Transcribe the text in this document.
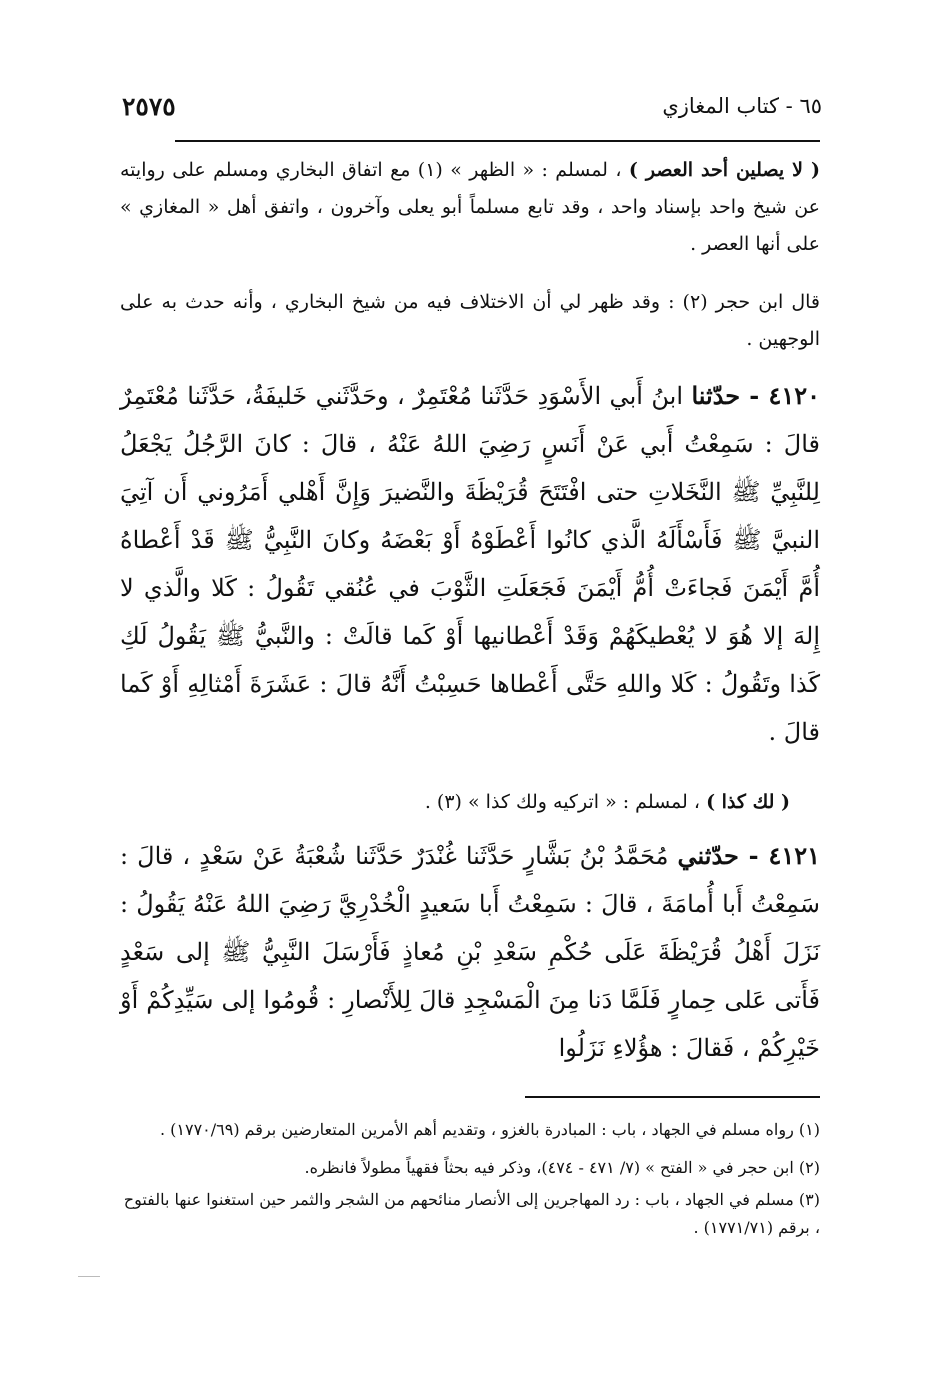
٦٥ - كتاب المغازي
٢٥٧٥
( لا يصلين أحد العصر ) ، لمسلم : « الظهر » (١) مع اتفاق البخاري ومسلم على روايته عن شيخ واحد بإسناد واحد ، وقد تابع مسلماً أبو يعلى وآخرون ، واتفق أهل « المغازي » على أنها العصر .
قال ابن حجر (٢) : وقد ظهر لي أن الاختلاف فيه من شيخ البخاري ، وأنه حدث به على الوجهين .
٤١٢٠ - حدّثنا ابنُ أَبي الأَسْوَدِ حَدَّثَنا مُعْتَمِرٌ ، وحَدَّثَني خَليفَةُ، حَدَّثَنا مُعْتَمِرٌ قالَ : سَمِعْتُ أَبي عَنْ أَنَسٍ رَضِيَ اللهُ عَنْهُ ، قالَ : كانَ الرَّجُلُ يَجْعَلُ لِلنَّبِيِّ ﷺ النَّخَلاتِ حتى افْتَتَحَ قُرَيْظَةَ والنَّضيرَ وَإِنَّ أَهْلي أَمَرُوني أَن آتِيَ النبيَّ ﷺ فَأَسْأَلَهُ الَّذي كانُوا أَعْطَوْهُ أَوْ بَعْضَهُ وكانَ النَّبِيُّ ﷺ قَدْ أَعْطاهُ أُمَّ أَيْمَنَ فَجاءَتْ أُمُّ أَيْمَنَ فَجَعَلَتِ الثَّوْبَ في عُنُقي تَقُولُ : كَلا والَّذي لا إِلهَ إلا هُوَ لا يُعْطيكَهُمْ وَقَدْ أَعْطانيها أَوْ كَما قالَتْ : والنَّبيُّ ﷺ يَقُولُ لَكِ كَذا وتَقُولُ : كَلا واللهِ حَتَّى أَعْطاها حَسِبْتُ أَنَّهُ قالَ : عَشَرَةَ أَمْثالِهِ أَوْ كَما قالَ .
( لك كذا ) ، لمسلم : « اتركيه ولك كذا » (٣) .
٤١٢١ - حدّثني مُحَمَّدُ بْنُ بَشَّارٍ حَدَّثَنا غُنْدَرٌ حَدَّثَنا شُعْبَةُ عَنْ سَعْدٍ ، قالَ : سَمِعْتُ أَبا أُمامَةَ ، قالَ : سَمِعْتُ أَبا سَعيدٍ الْخُدْرِيَّ رَضِيَ اللهُ عَنْهُ يَقُولُ : نَزَلَ أَهْلُ قُرَيْظَةَ عَلَى حُكْمِ سَعْدِ بْنِ مُعاذٍ فَأَرْسَلَ النَّبِيُّ ﷺ إلى سَعْدٍ فَأَتى عَلى حِمارٍ فَلَمَّا دَنا مِنَ الْمَسْجِدِ قالَ لِلأَنْصارِ : قُومُوا إلى سَيِّدِكُمْ أَوْ خَيْرِكُمْ ، فَقالَ : هؤُلاءِ نَزَلُوا
(١) رواه مسلم في الجهاد ، باب : المبادرة بالغزو ، وتقديم أهم الأمرين المتعارضين برقم (١٧٧٠/٦٩) .
(٢) ابن حجر في « الفتح » (٧/ ٤٧١ - ٤٧٤)، وذكر فيه بحثاً فقهياً مطولاً فانظره.
(٣) مسلم في الجهاد ، باب : رد المهاجرين إلى الأنصار منائحهم من الشجر والثمر حين استغنوا عنها بالفتوح ، برقم (١٧٧١/٧١) .
